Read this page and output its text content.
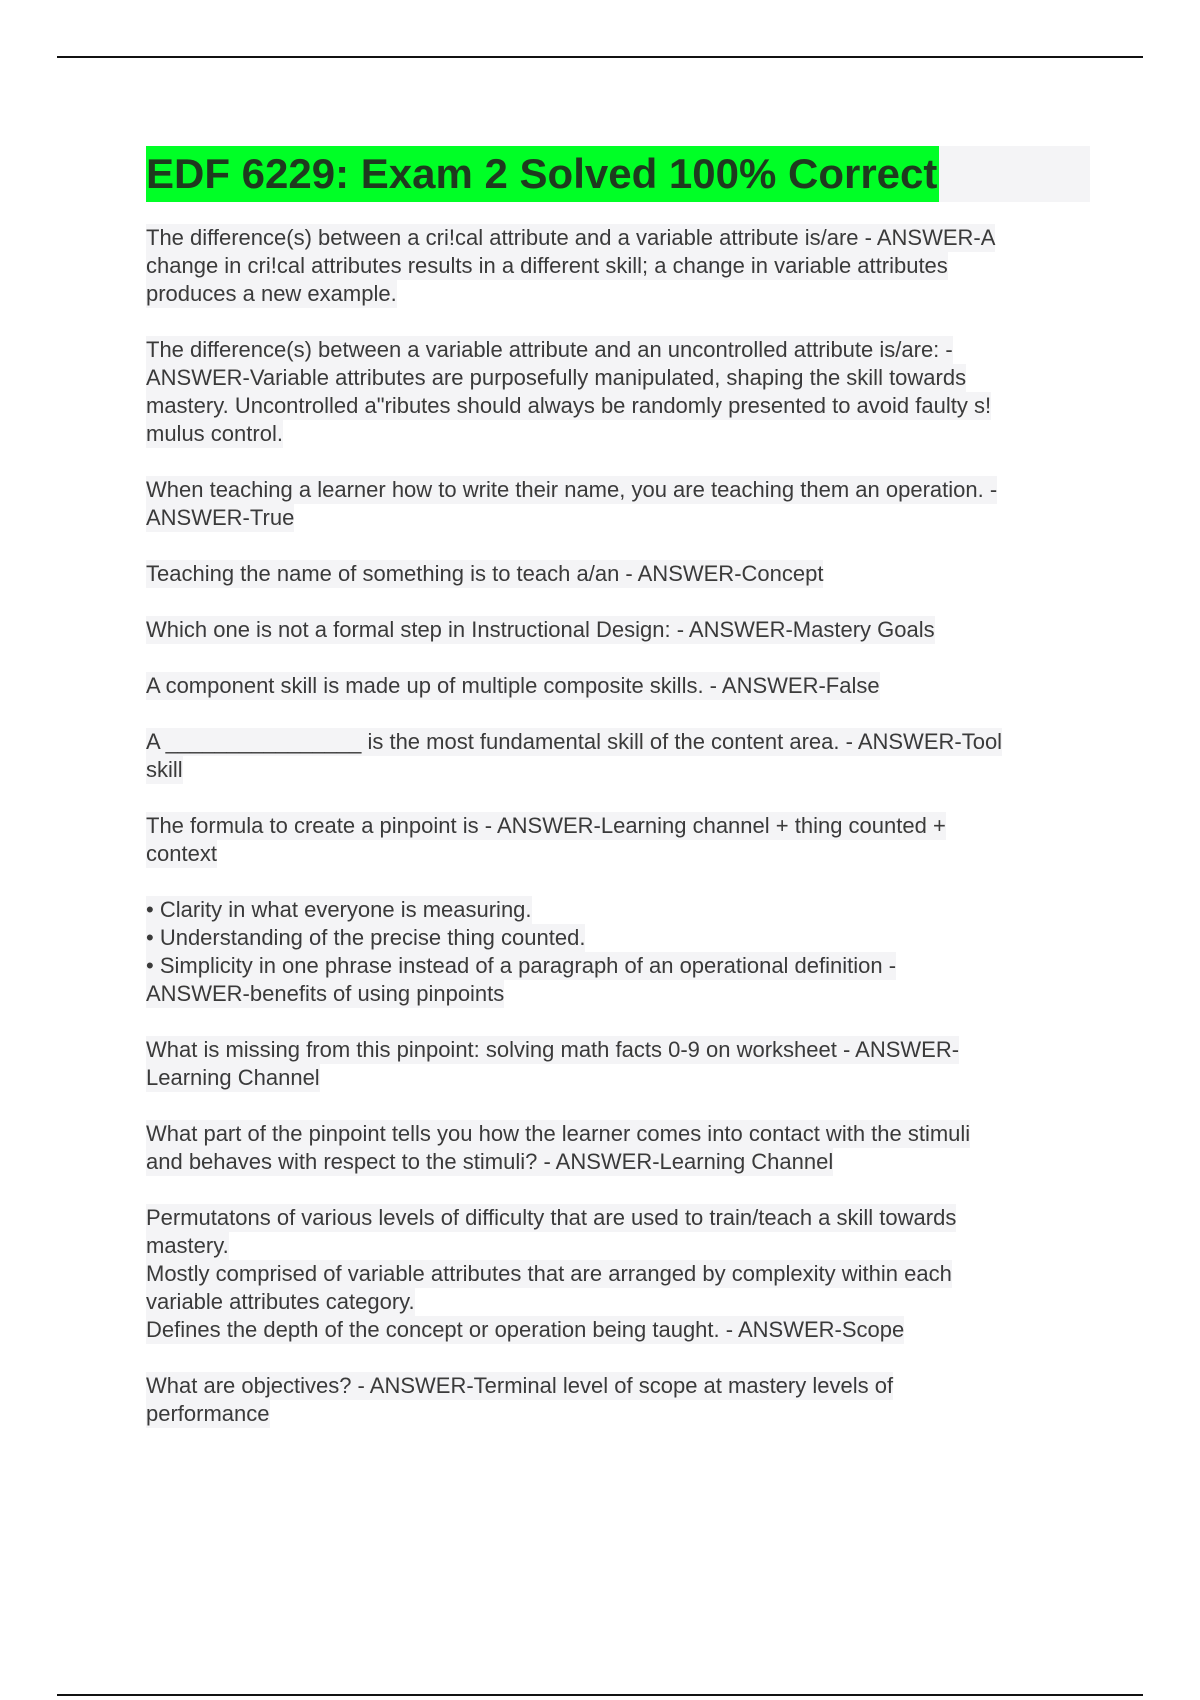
EDF 6229: Exam 2 Solved 100% Correct
The difference(s) between a cri!cal attribute and a variable attribute is/are - ANSWER-A
change in cri!cal attributes results in a different skill; a change in variable attributes
produces a new example.
The difference(s) between a variable attribute and an uncontrolled attribute is/are: -
ANSWER-Variable attributes are purposefully manipulated, shaping the skill towards
mastery. Uncontrolled a"ributes should always be randomly presented to avoid faulty s!
mulus control.
When teaching a learner how to write their name, you are teaching them an operation. -
ANSWER-True
Teaching the name of something is to teach a/an - ANSWER-Concept
Which one is not a formal step in Instructional Design: - ANSWER-Mastery Goals
A component skill is made up of multiple composite skills. - ANSWER-False
A ________________ is the most fundamental skill of the content area. - ANSWER-Tool
skill
The formula to create a pinpoint is - ANSWER-Learning channel + thing counted +
context
• Clarity in what everyone is measuring.
• Understanding of the precise thing counted.
• Simplicity in one phrase instead of a paragraph of an operational definition -
ANSWER-benefits of using pinpoints
What is missing from this pinpoint: solving math facts 0-9 on worksheet - ANSWER-
Learning Channel
What part of the pinpoint tells you how the learner comes into contact with the stimuli
and behaves with respect to the stimuli? - ANSWER-Learning Channel
Permutatons of various levels of difficulty that are used to train/teach a skill towards
mastery.
Mostly comprised of variable attributes that are arranged by complexity within each
variable attributes category.
Defines the depth of the concept or operation being taught. - ANSWER-Scope
What are objectives? - ANSWER-Terminal level of scope at mastery levels of
performance
